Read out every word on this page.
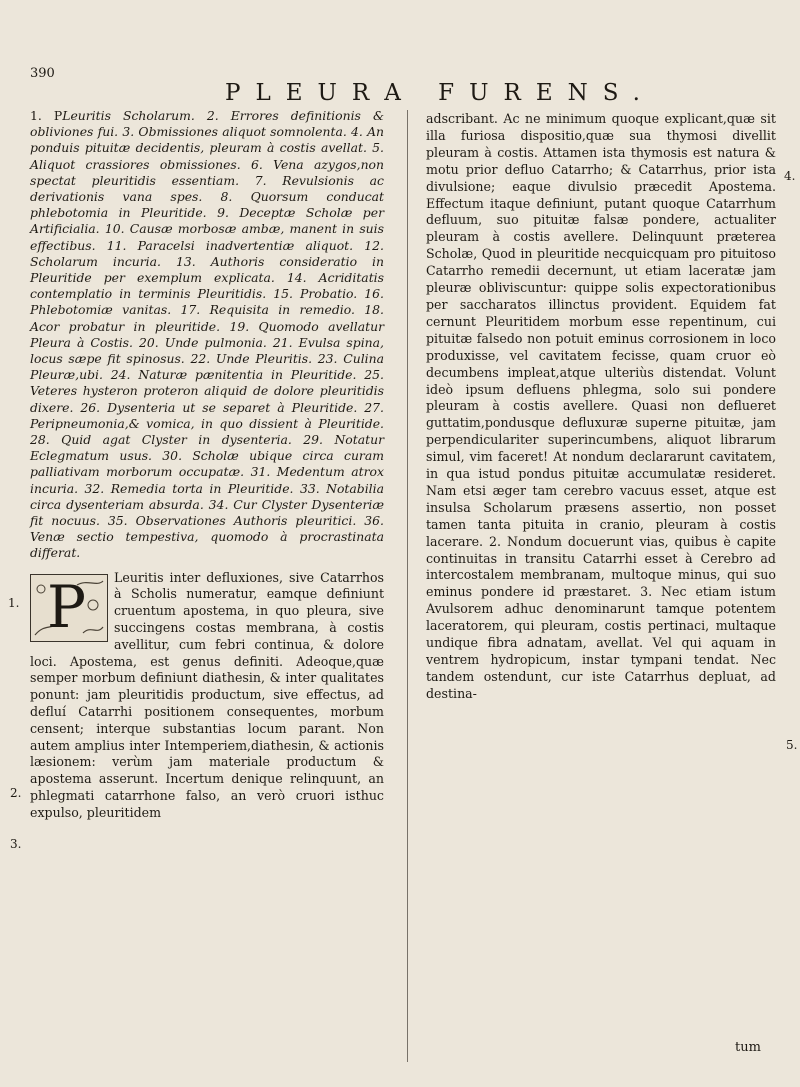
390
PLEURA FURENS.

1. PLeuritis Scholarum. 2. Errores definitionis & obliviones fui. 3. Obmissiones aliquot somnolenta. 4. An ponduis pituitæ decidentis, pleuram à costis avellat. 5. Aliquot crassiores obmissiones. 6. Vena azygos,non spectat pleuritidis essentiam. 7. Revulsionis ac derivationis vana spes. 8. Quorsum conducat phlebotomia in Pleuritide. 9. Deceptæ Scholæ per Artificialia. 10. Causæ morbosæ ambæ, manent in suis effectibus. 11. Paracelsi inadvertentiæ aliquot. 12. Scholarum incuria. 13. Authoris consideratio in Pleuritide per exemplum explicata. 14. Acriditatis contemplatio in terminis Pleuritidis. 15. Probatio. 16. Phlebotomiæ vanitas. 17. Requisita in remedio. 18. Acor probatur in pleuritide. 19. Quomodo avellatur Pleura à Costis. 20. Unde pulmonia. 21. Evulsa spina, locus sæpe fit spinosus. 22. Unde Pleuritis. 23. Culina Pleuræ,ubi. 24. Naturæ pænitentia in Pleuritide. 25. Veteres hysteron proteron aliquid de dolore pleuritidis dixere. 26. Dysenteria ut se separet à Pleuritide. 27. Peripneumonia,& vomica, in quo dissient à Pleuritide. 28. Quid agat Clyster in dysenteria. 29. Notatur Eclegmatum usus. 30. Scholæ ubique circa curam palliativam morborum occupatæ. 31. Medentum atrox incuria. 32. Remedia torta in Pleuritide. 33. Notabilia circa dysenteriam absurda. 34. Cur Clyster Dysenteriæ fit nocuus. 35. Observationes Authoris pleuritici. 36. Venæ sectio tempestiva, quomodo à procrastinata differat.

P	Leuritis inter defluxiones, sive Catarrhos à Scholis numeratur, eamque definiunt cruentum apostema, in quo pleura, sive succingens costas membrana, à costis avellitur, cum febri continua, & dolore loci. Apostema, est genus definiti. Adeoque,quæ semper morbum definiunt diathesin, & inter qualitates ponunt: jam pleuritidis productum, sive effectus, ad defluí Catarrhi positionem consequentes, morbum censent; interque substantias locum parant. Non autem amplius inter Intemperiem,diathesin, & actionis læsionem: verùm jam materiale productum & apostema asserunt. Incertum denique relinquunt, an phlegmati catarrhone falso, an verò cruori isthuc expulso, pleuritidem

adscribant. Ac ne minimum quoque explicant,quæ sit illa furiosa dispositio,quæ sua thymosi divellit pleuram à costis. Attamen ista thymosis est natura & motu prior defluo Catarrho; & Catarrhus, prior ista divulsione; eaque divulsio præcedit Apostema. Effectum itaque definiunt, putant quoque Catarrhum defluum, suo pituitæ falsæ pondere, actualiter pleuram à costis avellere. Delinquunt præterea Scholæ, Quod in pleuritide necquicquam pro pituitoso Catarrho remedii decernunt, ut etiam laceratæ jam pleuræ obliviscuntur: quippe solis expectorationibus per saccharatos illinctus provident. Equidem fat cernunt Pleuritidem morbum esse repentinum, cui pituitæ falsedo non potuit eminus corrosionem in loco produxisse, vel cavitatem fecisse, quam cruor eò decumbens impleat,atque ulteriùs distendat. Volunt ideò ipsum defluens phlegma, solo sui pondere pleuram à costis avellere. Quasi non deflueret guttatim,pondusque defluxuræ superne pituitæ, jam perpendiculariter superincumbens, aliquot librarum simul, vim faceret! At nondum declararunt cavitatem, in qua istud pondus pituitæ accumulatæ resideret. Nam etsi æger tam cerebro vacuus esset, atque est insulsa Scholarum præsens assertio, non posset tamen tanta pituita in cranio, pleuram à costis lacerare. 2. Nondum docuerunt vias, quibus è capite continuitas in transitu Catarrhi esset à Cerebro ad intercostalem membranam, multoque minus, qui suo eminus pondere id præstaret. 3. Nec etiam istum Avulsorem adhuc denominarunt tamque potentem laceratorem, qui pleuram, costis pertinaci, multaque undique fibra adnatam, avellat. Vel qui aquam in ventrem hydropicum, instar tympani tendat. Nec tandem ostendunt, cur iste Catarrhus depluat, ad destina-

1.
2.
3.
4.
5.
tum
